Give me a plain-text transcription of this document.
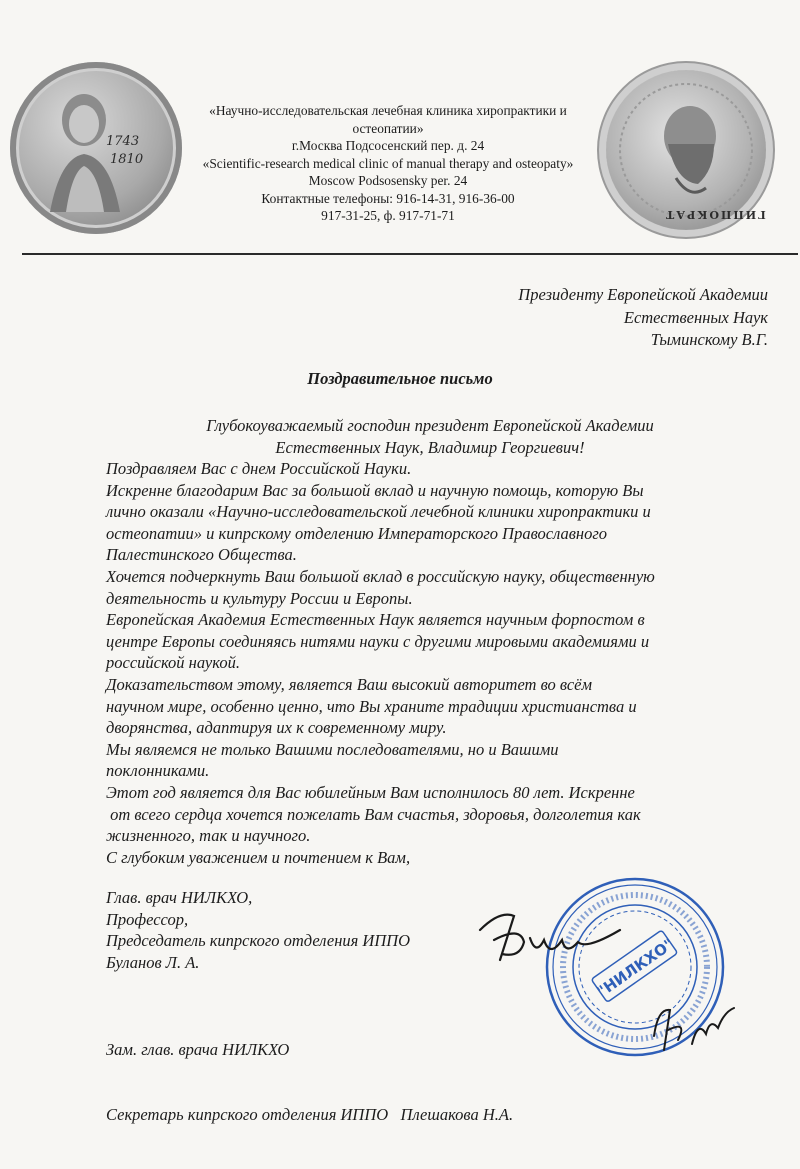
1743
1810
«Научно-исследовательская лечебная клиника хиропрактики и
остеопатии»
г.Москва Подсосенский пер. д. 24
«Scientific-research medical clinic of manual therapy and osteopaty»
Moscow Podsosensky per. 24
Контактные телефоны: 916-14-31, 916-36-00
917-31-25, ф. 917-71-71	ГИППОКРАТ
Президенту Европейской Академии
Естественных Наук
Тыминскому В.Г.
Поздравительное письмо
Глубокоуважаемый господин президент Европейской Академии
Естественных Наук, Владимир Георгиевич!
Поздравляем Вас с днем Российской Науки.
Искренне благодарим Вас за большой вклад и научную помощь, которую Вы
лично оказали «Научно-исследовательской лечебной клиники хиропрактики и
остеопатии» и кипрскому отделению Императорского Православного
Палестинского Общества.
Хочется подчеркнуть Ваш большой вклад в российскую науку, общественную
деятельность и культуру России и Европы.
Европейская Академия Естественных Наук является научным форпостом в
центре Европы соединяясь нитями науки с другими мировыми академиями и
российской наукой.
Доказательством этому, является Ваш высокий авторитет во всём
научном мире, особенно ценно, что Вы храните традиции христианства и
дворянства, адаптируя их к современному миру.
Мы являемся не только Вашими последователями, но и Вашими
поклонниками.
Этот год является для Вас юбилейным Вам исполнилось 80 лет. Искренне
от всего сердца хочется пожелать Вам счастья, здоровья, долголетия как
жизненного, так и научного.
С глубоким уважением и почтением к Вам,
Глав. врач НИЛКХО,
Профессор,
Председатель кипрского отделения ИППО
Буланов Л. А.

Зам. глав. врача НИЛКХО

Секретарь кипрского отделения ИППО   Плешакова Н.А.

"НИЛКХО"
